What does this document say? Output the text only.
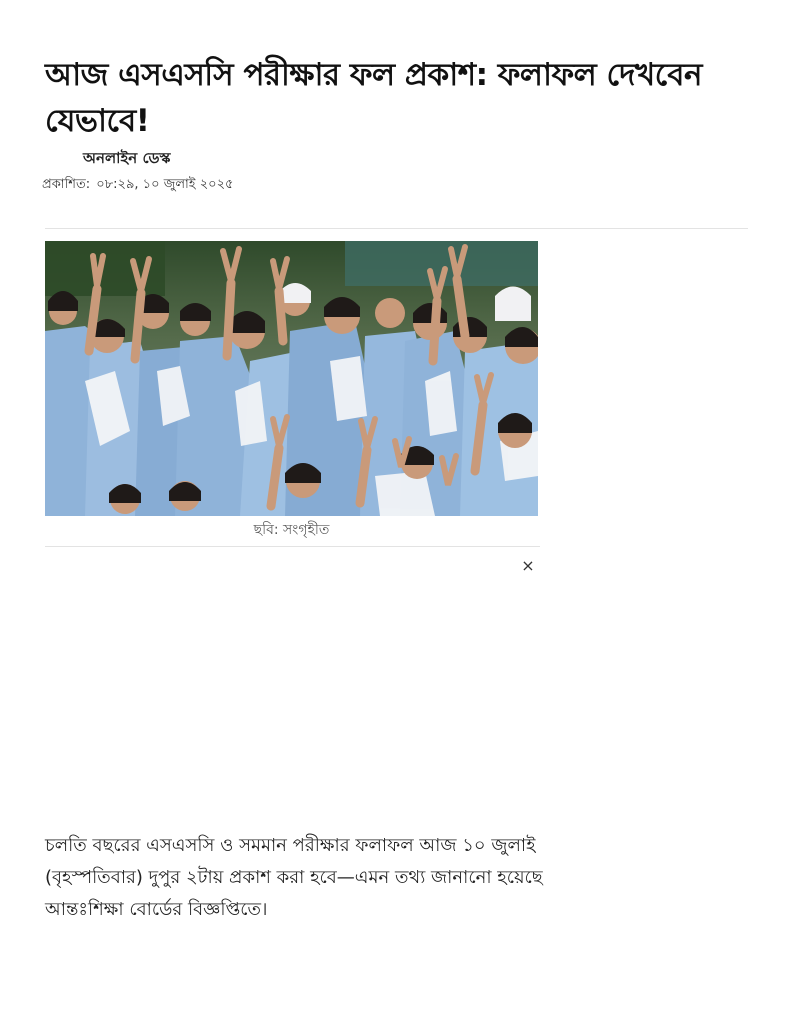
আজ এসএসসি পরীক্ষার ফল প্রকাশ: ফলাফল দেখবেন যেভাবে!
অনলাইন ডেস্ক
প্রকাশিত: ০৮:২৯, ১০ জুলাই ২০২৫
ছবি: সংগৃহীত
×

চলতি বছরের এসএসসি ও সমমান পরীক্ষার ফলাফল আজ ১০ জুলাই (বৃহস্পতিবার) দুপুর ২টায় প্রকাশ করা হবে—এমন তথ্য জানানো হয়েছে আন্তঃশিক্ষা বোর্ডের বিজ্ঞপ্তিতে।
